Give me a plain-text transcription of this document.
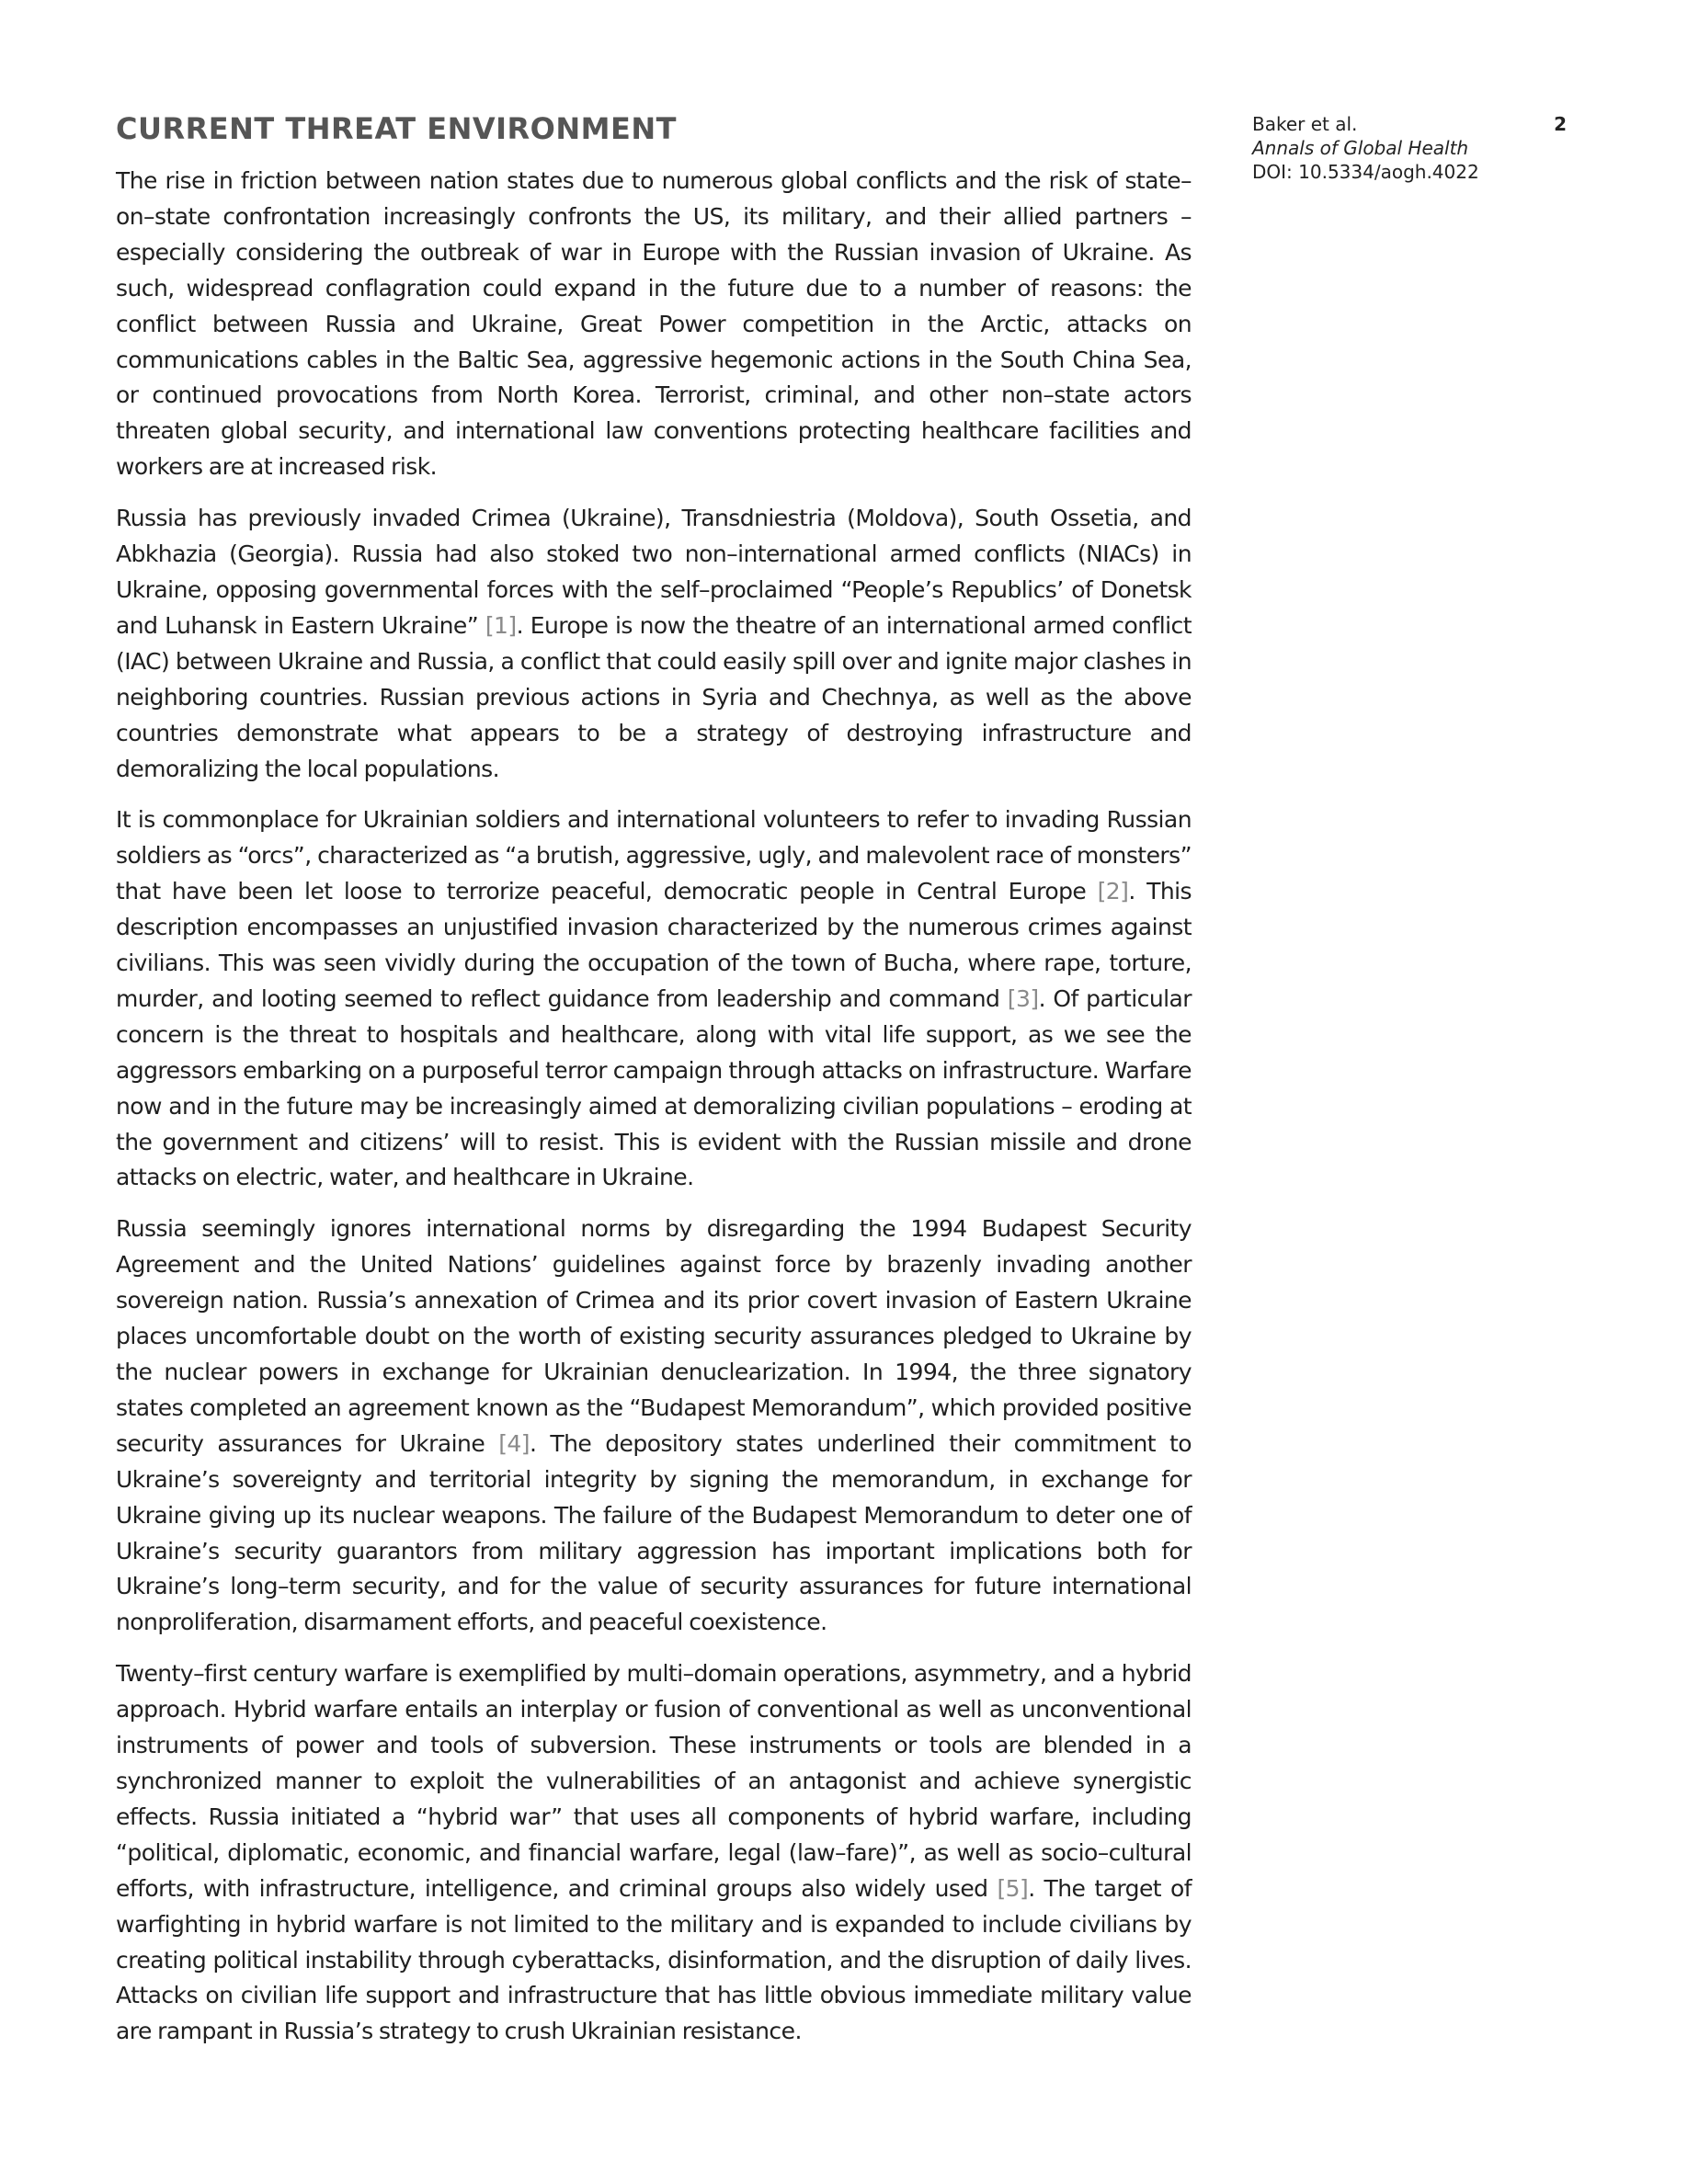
Baker et al.
Annals of Global Health
DOI: 10.5334/aogh.4022
2
CURRENT THREAT ENVIRONMENT

The rise in friction between nation states due to numerous global conflicts and the risk of state–on–state confrontation increasingly confronts the US, its military, and their allied partners – especially considering the outbreak of war in Europe with the Russian invasion of Ukraine. As such, widespread conflagration could expand in the future due to a number of reasons: the conflict between Russia and Ukraine, Great Power competition in the Arctic, attacks on communications cables in the Baltic Sea, aggressive hegemonic actions in the South China Sea, or continued provocations from North Korea. Terrorist, criminal, and other non–state actors threaten global security, and international law conventions protecting healthcare facilities and workers are at increased risk.

Russia has previously invaded Crimea (Ukraine), Transdniestria (Moldova), South Ossetia, and Abkhazia (Georgia). Russia had also stoked two non–international armed conflicts (NIACs) in Ukraine, opposing governmental forces with the self–proclaimed “People’s Republics’ of Donetsk and Luhansk in Eastern Ukraine” [1]. Europe is now the theatre of an international armed conflict (IAC) between Ukraine and Russia, a conflict that could easily spill over and ignite major clashes in neighboring countries. Russian previous actions in Syria and Chechnya, as well as the above countries demonstrate what appears to be a strategy of destroying infrastructure and demoralizing the local populations.

It is commonplace for Ukrainian soldiers and international volunteers to refer to invading Russian soldiers as “orcs”, characterized as “a brutish, aggressive, ugly, and malevolent race of monsters” that have been let loose to terrorize peaceful, democratic people in Central Europe [2]. This description encompasses an unjustified invasion characterized by the numerous crimes against civilians. This was seen vividly during the occupation of the town of Bucha, where rape, torture, murder, and looting seemed to reflect guidance from leadership and command [3]. Of particular concern is the threat to hospitals and healthcare, along with vital life support, as we see the aggressors embarking on a purposeful terror campaign through attacks on infrastructure. Warfare now and in the future may be increasingly aimed at demoralizing civilian populations – eroding at the government and citizens’ will to resist. This is evident with the Russian missile and drone attacks on electric, water, and healthcare in Ukraine.

Russia seemingly ignores international norms by disregarding the 1994 Budapest Security Agreement and the United Nations’ guidelines against force by brazenly invading another sovereign nation. Russia’s annexation of Crimea and its prior covert invasion of Eastern Ukraine places uncomfortable doubt on the worth of existing security assurances pledged to Ukraine by the nuclear powers in exchange for Ukrainian denuclearization. In 1994, the three signatory states completed an agreement known as the “Budapest Memorandum”, which provided positive security assurances for Ukraine [4]. The depository states underlined their commitment to Ukraine’s sovereignty and territorial integrity by signing the memorandum, in exchange for Ukraine giving up its nuclear weapons. The failure of the Budapest Memorandum to deter one of Ukraine’s security guarantors from military aggression has important implications both for Ukraine’s long–term security, and for the value of security assurances for future international nonproliferation, disarmament efforts, and peaceful coexistence.

Twenty–first century warfare is exemplified by multi–domain operations, asymmetry, and a hybrid approach. Hybrid warfare entails an interplay or fusion of conventional as well as unconventional instruments of power and tools of subversion. These instruments or tools are blended in a synchronized manner to exploit the vulnerabilities of an antagonist and achieve synergistic effects. Russia initiated a “hybrid war” that uses all components of hybrid warfare, including “political, diplomatic, economic, and financial warfare, legal (law–fare)”, as well as socio–cultural efforts, with infrastructure, intelligence, and criminal groups also widely used [5]. The target of warfighting in hybrid warfare is not limited to the military and is expanded to include civilians by creating political instability through cyberattacks, disinformation, and the disruption of daily lives. Attacks on civilian life support and infrastructure that has little obvious immediate military value are rampant in Russia’s strategy to crush Ukrainian resistance.
